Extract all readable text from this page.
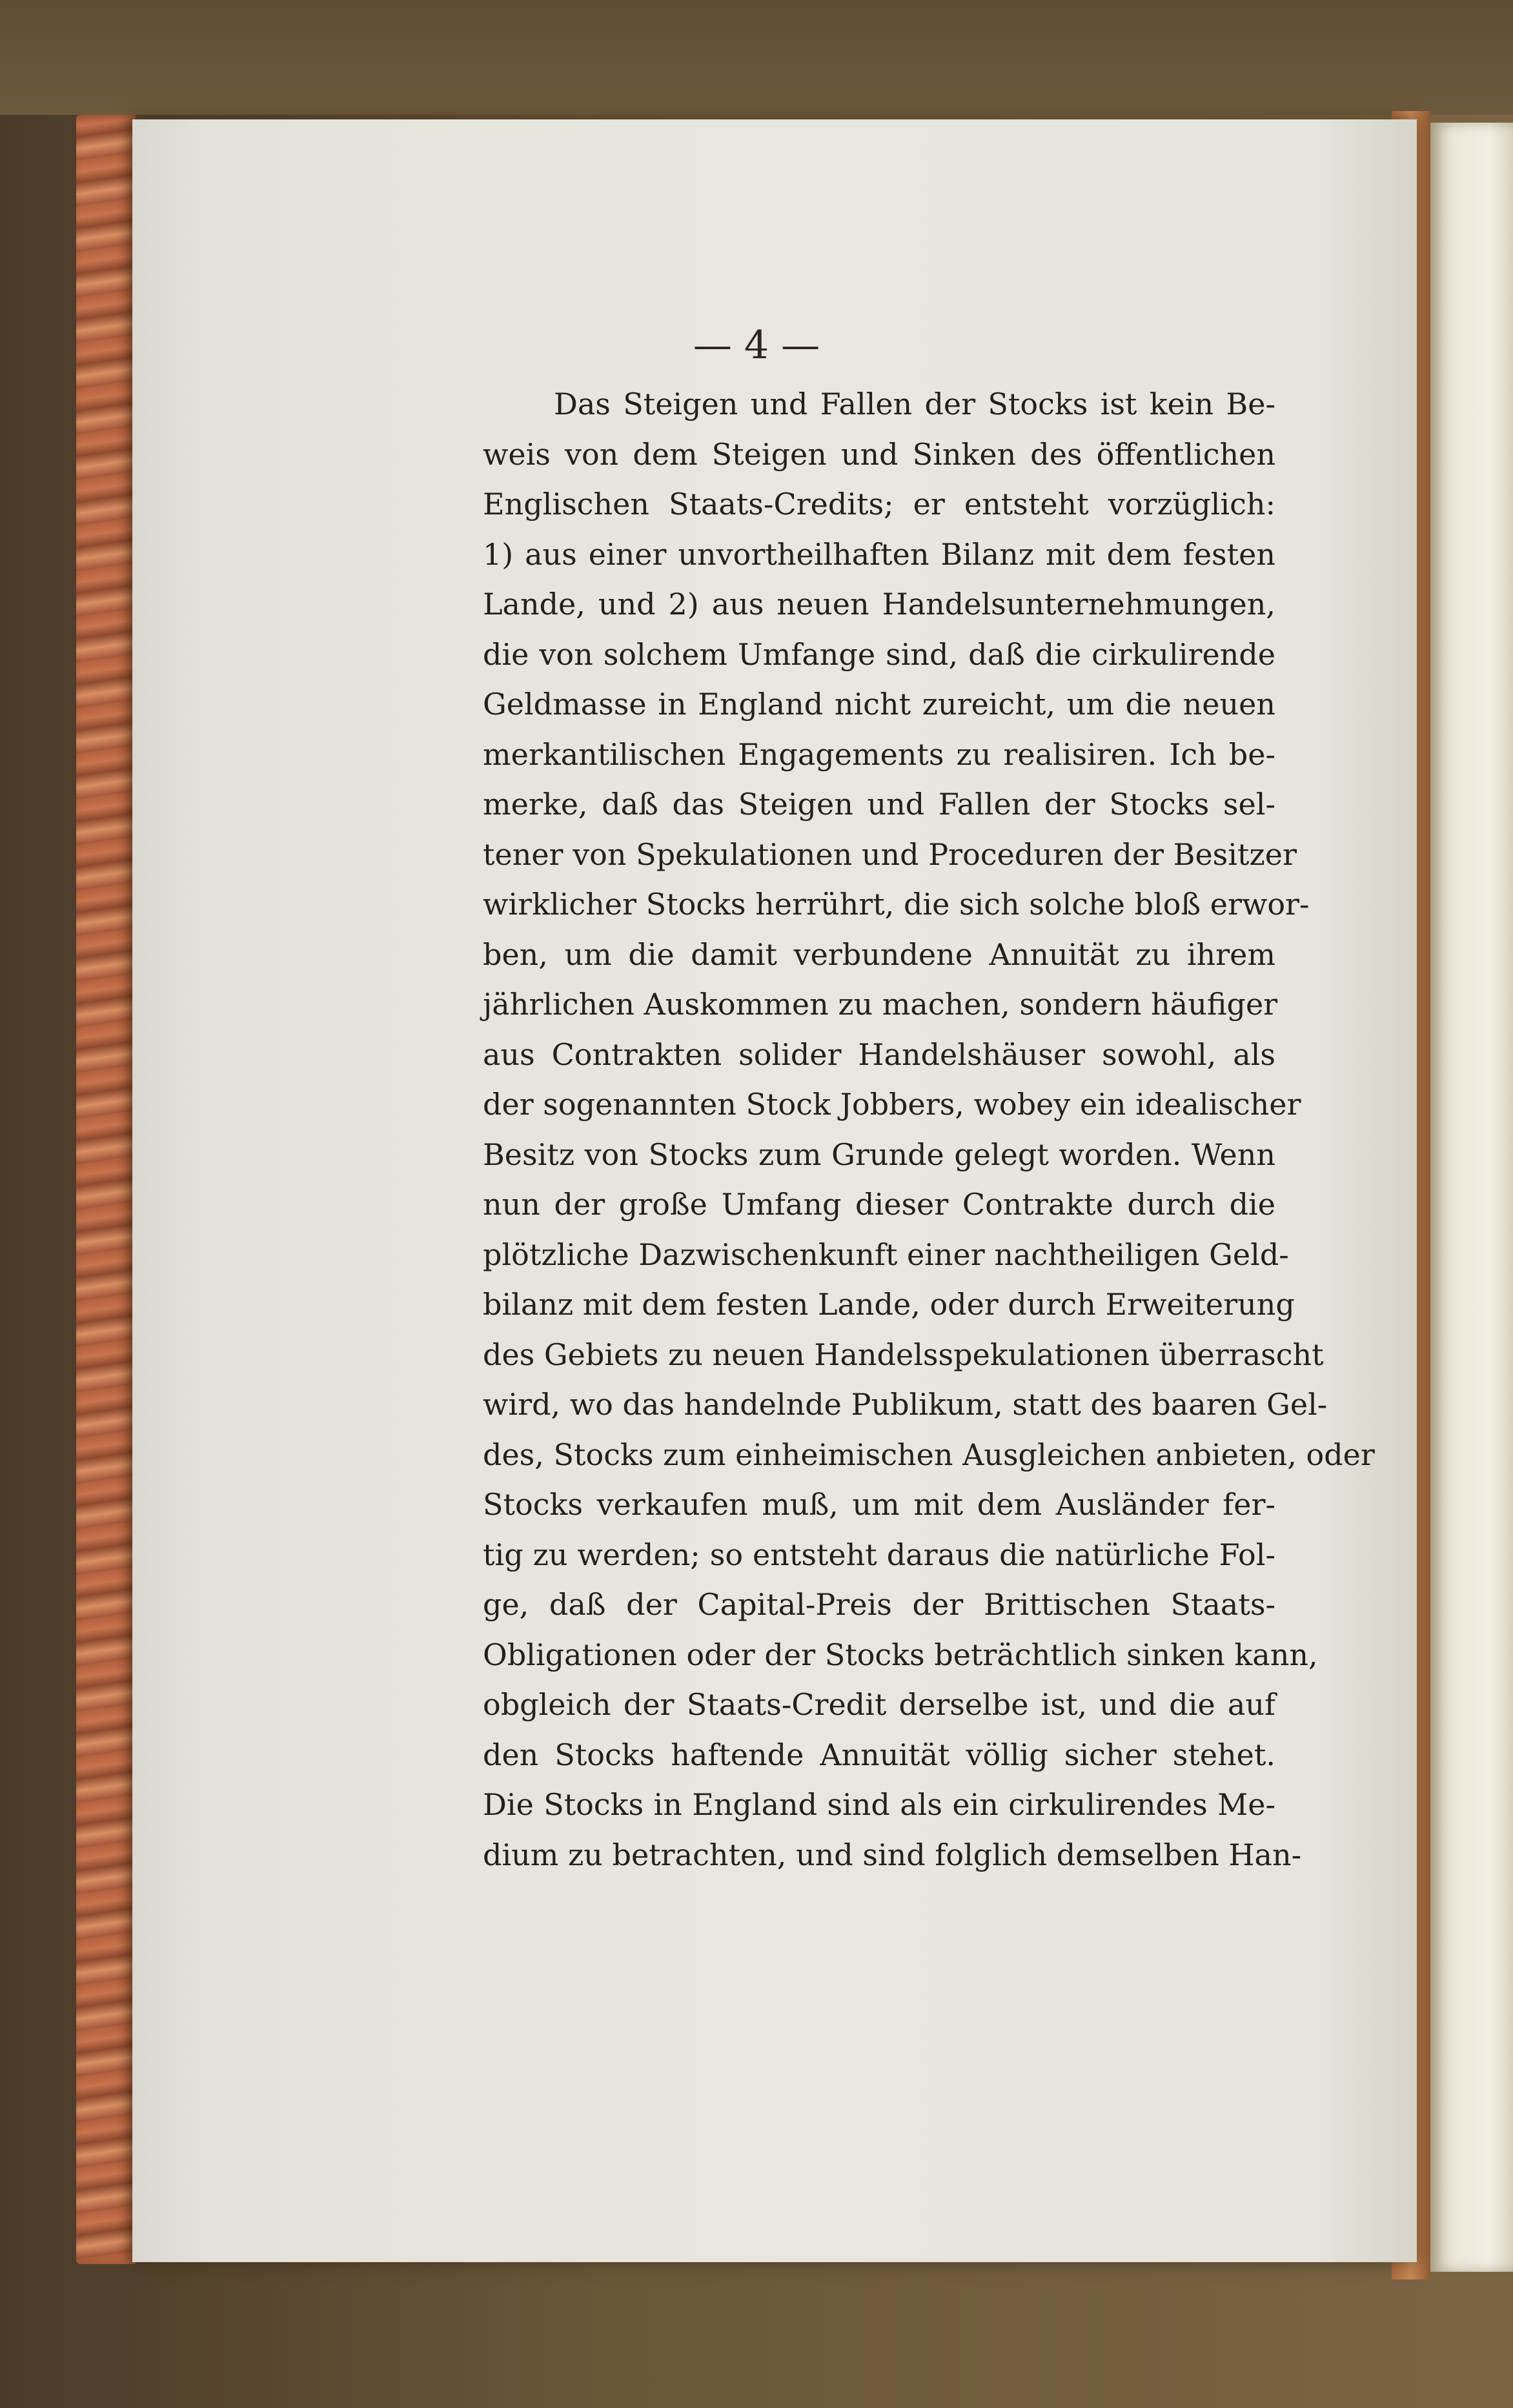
— 4 —

Das Steigen und Fallen der Stocks ist kein Be-
weis von dem Steigen und Sinken des öffentlichen
Englischen Staats-Credits; er entsteht vorzüglich:
1) aus einer unvortheilhaften Bilanz mit dem festen
Lande, und 2) aus neuen Handelsunternehmungen,
die von solchem Umfange sind, daß die cirkulirende
Geldmasse in England nicht zureicht, um die neuen
merkantilischen Engagements zu realisiren. Ich be-
merke, daß das Steigen und Fallen der Stocks sel-
tener von Spekulationen und Proceduren der Besitzer
wirklicher Stocks herrührt, die sich solche bloß erwor-
ben, um die damit verbundene Annuität zu ihrem
jährlichen Auskommen zu machen, sondern häufiger
aus Contrakten solider Handelshäuser sowohl, als
der sogenannten Stock Jobbers, wobey ein idealischer
Besitz von Stocks zum Grunde gelegt worden. Wenn
nun der große Umfang dieser Contrakte durch die
plötzliche Dazwischenkunft einer nachtheiligen Geld-
bilanz mit dem festen Lande, oder durch Erweiterung
des Gebiets zu neuen Handelsspekulationen überrascht
wird, wo das handelnde Publikum, statt des baaren Gel-
des, Stocks zum einheimischen Ausgleichen anbieten, oder
Stocks verkaufen muß, um mit dem Ausländer fer-
tig zu werden; so entsteht daraus die natürliche Fol-
ge, daß der Capital-Preis der Brittischen Staats-
Obligationen oder der Stocks beträchtlich sinken kann,
obgleich der Staats-Credit derselbe ist, und die auf
den Stocks haftende Annuität völlig sicher stehet.
Die Stocks in England sind als ein cirkulirendes Me-
dium zu betrachten, und sind folglich demselben Han-
